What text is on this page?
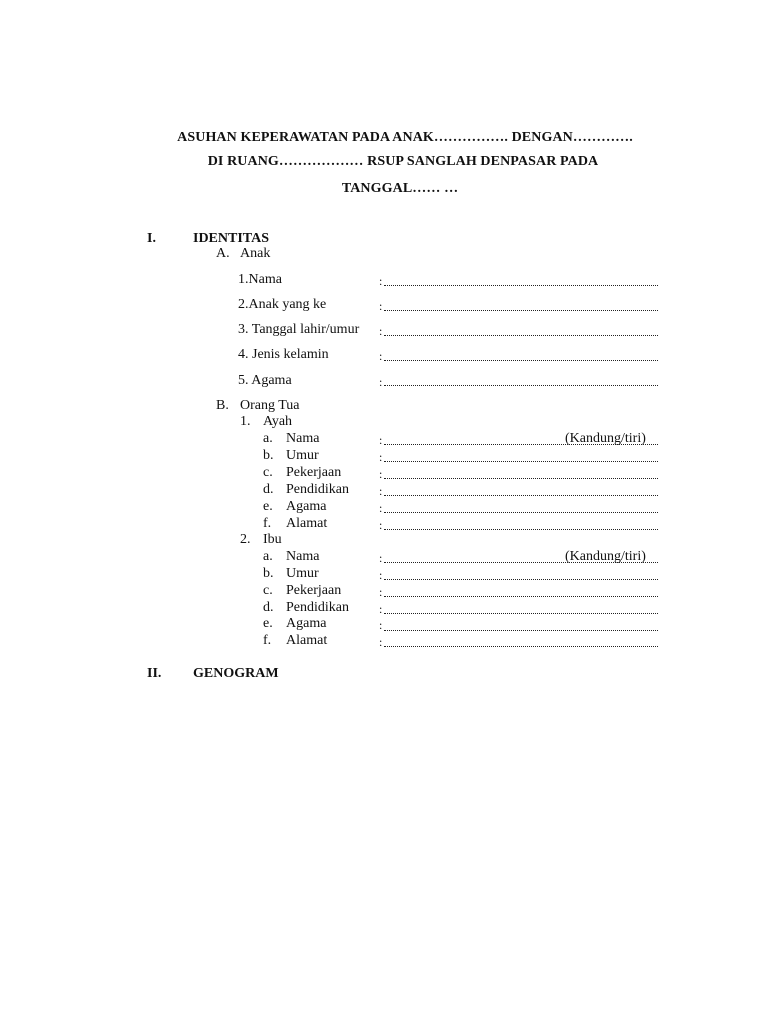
ASUHAN KEPERAWATAN PADA ANAK……………. DENGAN………….
DI RUANG……………… RSUP SANGLAH DENPASAR PADA
TANGGAL…… …
I.	IDENTITAS
A. Anak
1.Nama	:
2.Anak yang ke	:
3. Tanggal lahir/umur :
4. Jenis kelamin	:
5. Agama	:
B. Orang Tua
1. Ayah
a. Nama	:	(Kandung/tiri)
b. Umur	:
c. Pekerjaan	:
d. Pendidikan	:
e. Agama	:
f. Alamat	:
2. Ibu
a. Nama	:	(Kandung/tiri)
b. Umur	:
c. Pekerjaan	:
d. Pendidikan	:
e. Agama	:
f. Alamat	:
II. GENOGRAM
